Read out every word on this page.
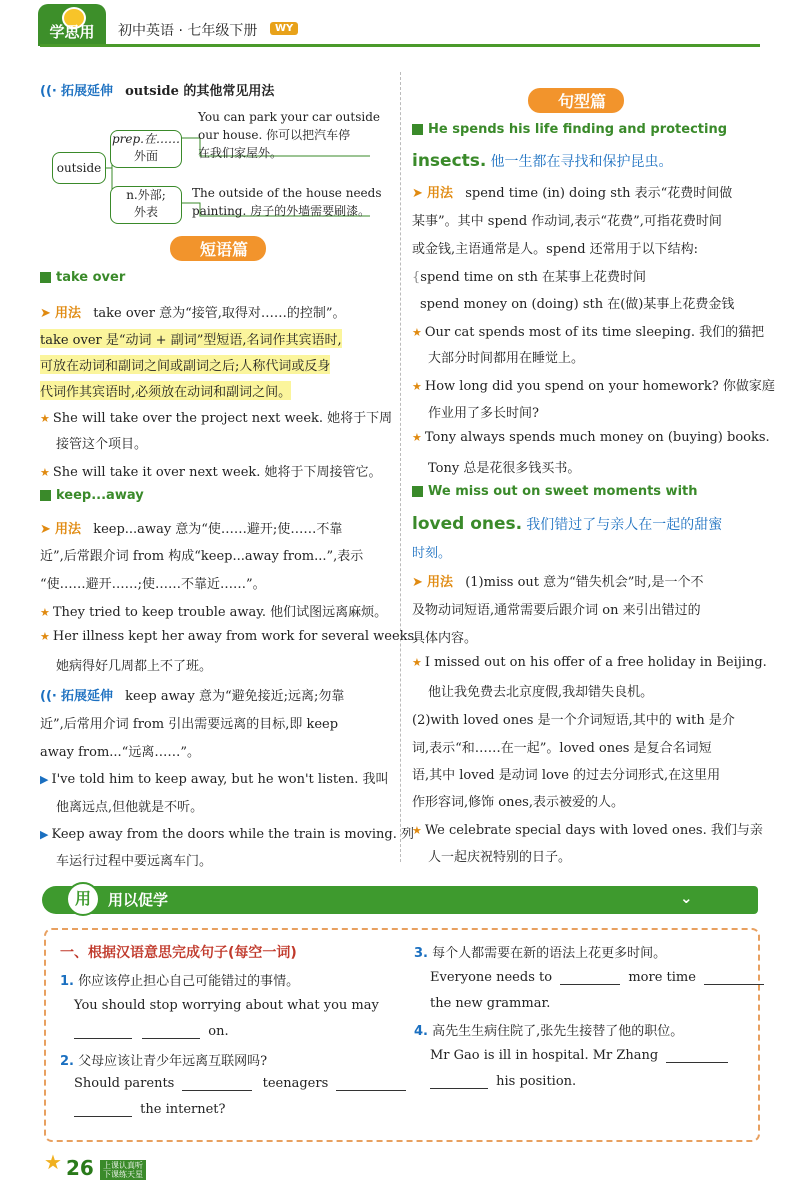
学思用	初中英语 · 七年级下册	WY
((· 拓展延伸 outside 的其他常见用法
outside
prep.在……
外面
n.外部;
外表
You can park your car outside
our house. 你可以把汽车停
在我们家屋外。
The outside of the house needs
painting. 房子的外墙需要刷漆。
短语篇
take over
➤ 用法 take over 意为“接管,取得对……的控制”。
take over 是“动词 + 副词”型短语,名词作其宾语时,
可放在动词和副词之间或副词之后;人称代词或反身
代词作其宾语时,必须放在动词和副词之间。
★ She will take over the project next week. 她将于下周
接管这个项目。
★ She will take it over next week. 她将于下周接管它。
keep...away
➤ 用法 keep...away 意为“使……避开;使……不靠
近”,后常跟介词 from 构成“keep...away from...”,表示
“使……避开……;使……不靠近……”。
★ They tried to keep trouble away. 他们试图远离麻烦。
★ Her illness kept her away from work for several weeks.
她病得好几周都上不了班。
((· 拓展延伸 keep away 意为“避免接近;远离;勿靠
近”,后常用介词 from 引出需要远离的目标,即 keep
away from...“远离……”。
▶ I've told him to keep away, but he won't listen. 我叫
他离远点,但他就是不听。
▶ Keep away from the doors while the train is moving. 列
车运行过程中要远离车门。
句型篇
He spends his life finding and protecting
insects. 他一生都在寻找和保护昆虫。
➤ 用法 spend time (in) doing sth 表示“花费时间做
某事”。其中 spend 作动词,表示“花费”,可指花费时间
或金钱,主语通常是人。spend 还常用于以下结构:
{spend time on sth 在某事上花费时间
spend money on (doing) sth 在(做)某事上花费金钱
★ Our cat spends most of its time sleeping. 我们的猫把
大部分时间都用在睡觉上。
★ How long did you spend on your homework? 你做家庭
作业用了多长时间?
★ Tony always spends much money on (buying) books.
Tony 总是花很多钱买书。
We miss out on sweet moments with
loved ones. 我们错过了与亲人在一起的甜蜜
时刻。
➤ 用法 (1)miss out 意为“错失机会”时,是一个不
及物动词短语,通常需要后跟介词 on 来引出错过的
具体内容。
★ I missed out on his offer of a free holiday in Beijing.
他让我免费去北京度假,我却错失良机。
(2)with loved ones 是一个介词短语,其中的 with 是介
词,表示“和……在一起”。loved ones 是复合名词短
语,其中 loved 是动词 love 的过去分词形式,在这里用
作形容词,修饰 ones,表示被爱的人。
★ We celebrate special days with loved ones. 我们与亲
人一起庆祝特别的日子。
用	用以促学	⌄
一、根据汉语意思完成句子(每空一词)
1. 你应该停止担心自己可能错过的事情。
You should stop worrying about what you may
on.
2. 父母应该让青少年远离互联网吗?
Should parents	teenagers
the internet?
3. 每个人都需要在新的语法上花更多时间。
Everyone needs to	more time
the new grammar.
4. 高先生生病住院了,张先生接替了他的职位。
Mr Gao is ill in hospital. Mr Zhang
his position.
★ 26 上课认真听
下课练天星
